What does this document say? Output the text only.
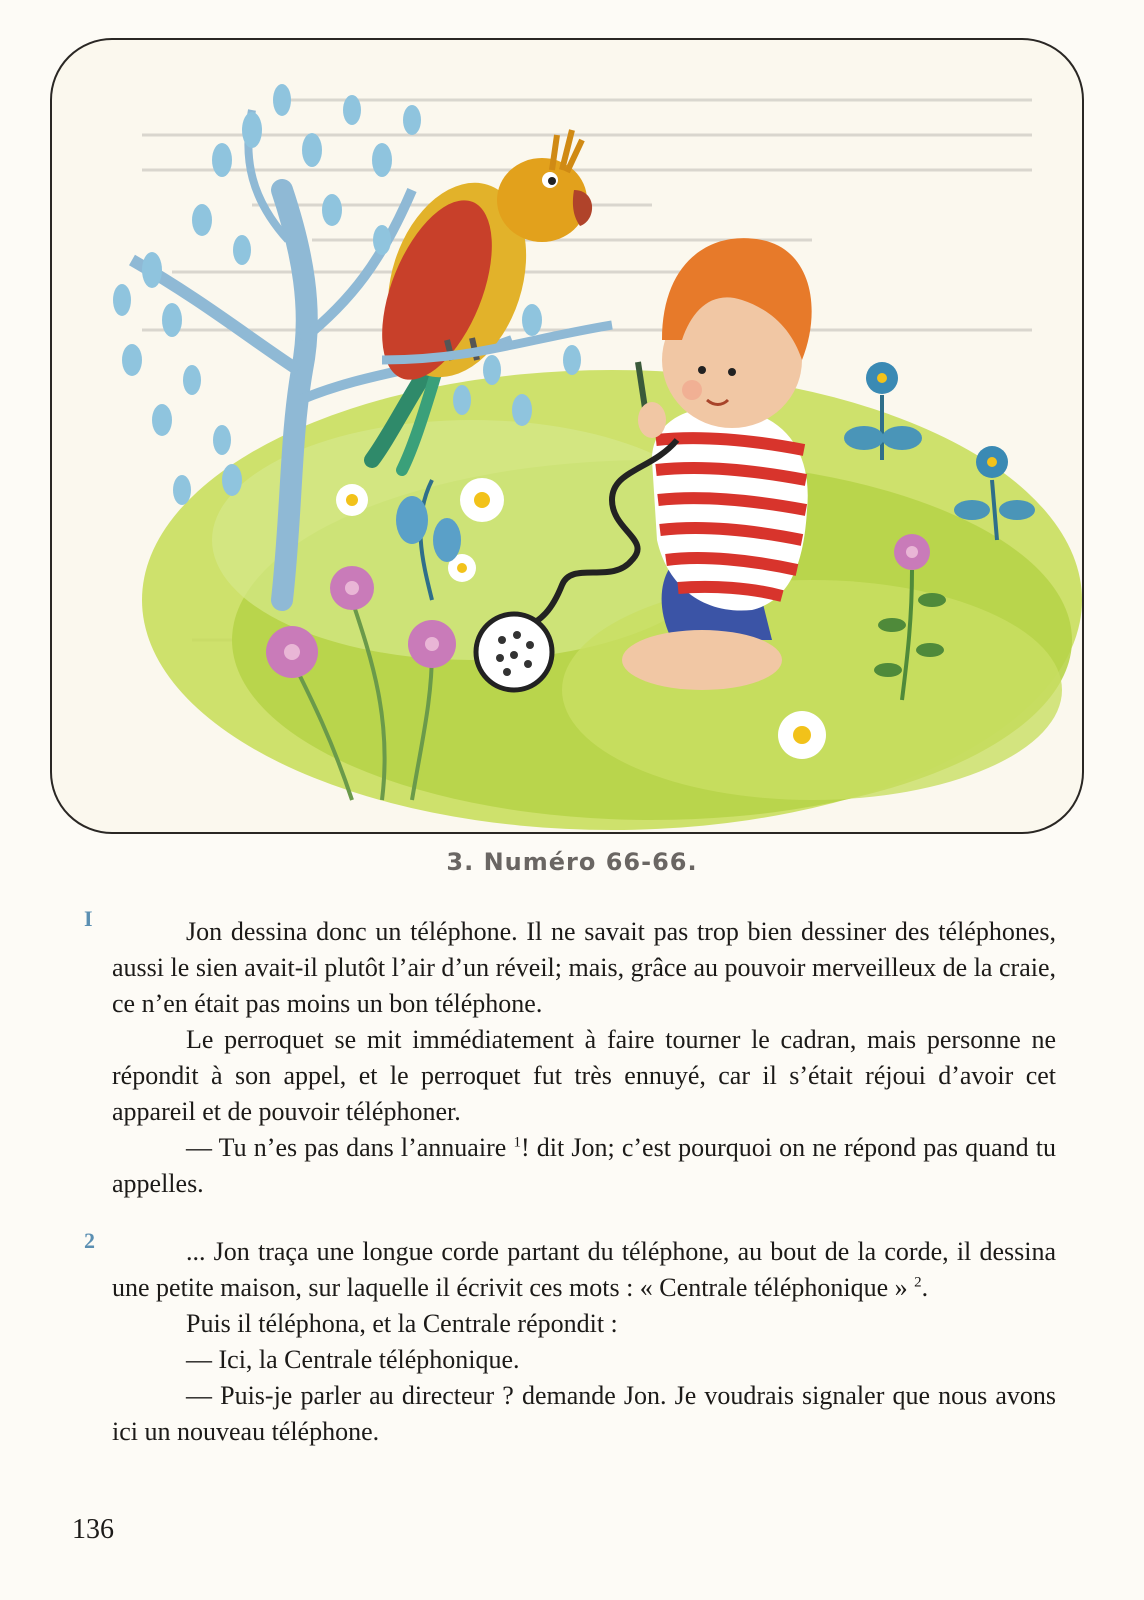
3. Numéro 66-66.
I	Jon dessina donc un téléphone. Il ne savait pas trop bien dessiner des téléphones, aussi le sien avait-il plutôt l’air d’un réveil; mais, grâce au pouvoir merveilleux de la craie, ce n’en était pas moins un bon téléphone.

Le perroquet se mit immédiatement à faire tourner le cadran, mais personne ne répondit à son appel, et le perroquet fut très ennuyé, car il s’était réjoui d’avoir cet appareil et de pouvoir téléphoner.

— Tu n’es pas dans l’annuaire $^1$! dit Jon; c’est pourquoi on ne répond pas quand tu appelles.

2	... Jon traça une longue corde partant du téléphone, au bout de la corde, il dessina une petite maison, sur laquelle il écrivit ces mots : « Centrale téléphonique » $^2$.

Puis il téléphona, et la Centrale répondit :

— Ici, la Centrale téléphonique.

— Puis-je parler au directeur ? demande Jon. Je voudrais signaler que nous avons ici un nouveau téléphone.

136
